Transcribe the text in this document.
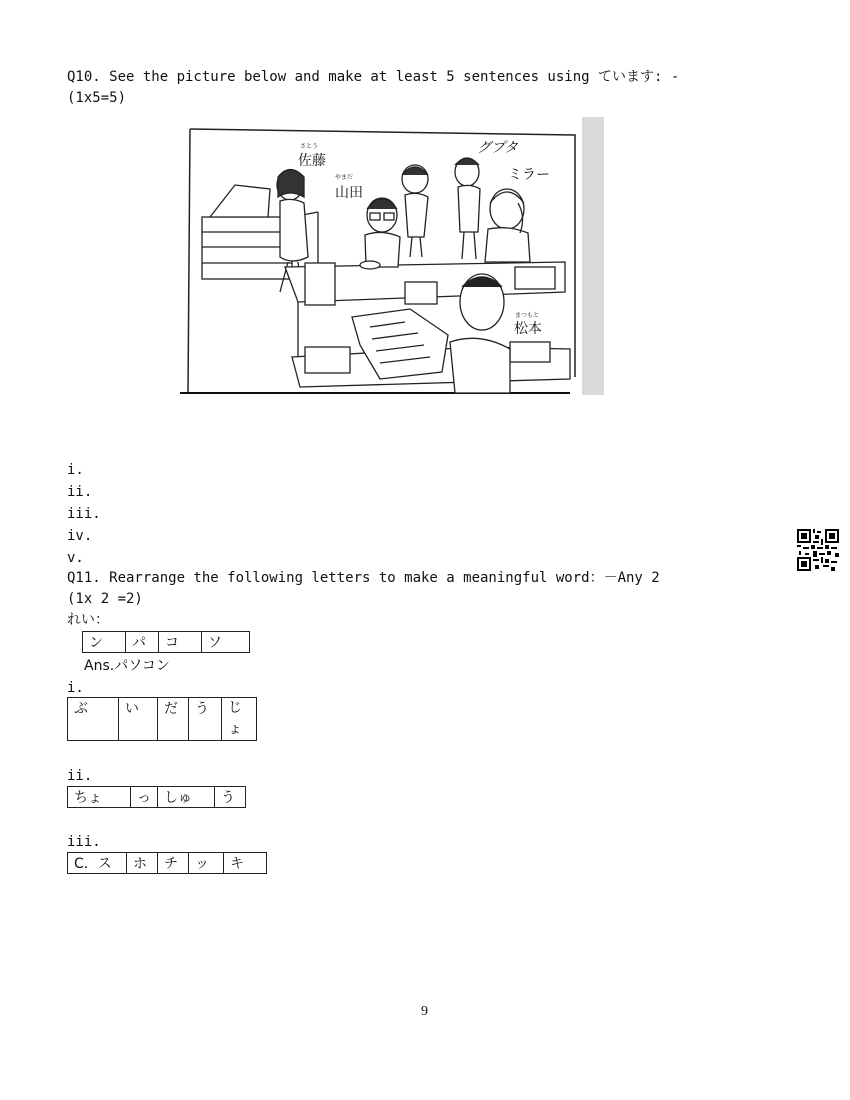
Q10. See the picture below and make at least 5 sentences using ています: -
(1x5=5)
さとう
佐藤
やまだ
山田
グプタ
ミラー
まつもと
松本
i.
ii.
iii.
iv.
v.
Q11. Rearrange the following letters to make a meaningful word：－Any 2
(1x 2 =2)
れい：
ン	パ	コ	ソ
Ans.パソコン
i.
ぶ	い	だ	う	じょ
ii.
ちょ	っ	しゅ	う
iii.
C．ス	ホ	チ	ッ	キ
9
